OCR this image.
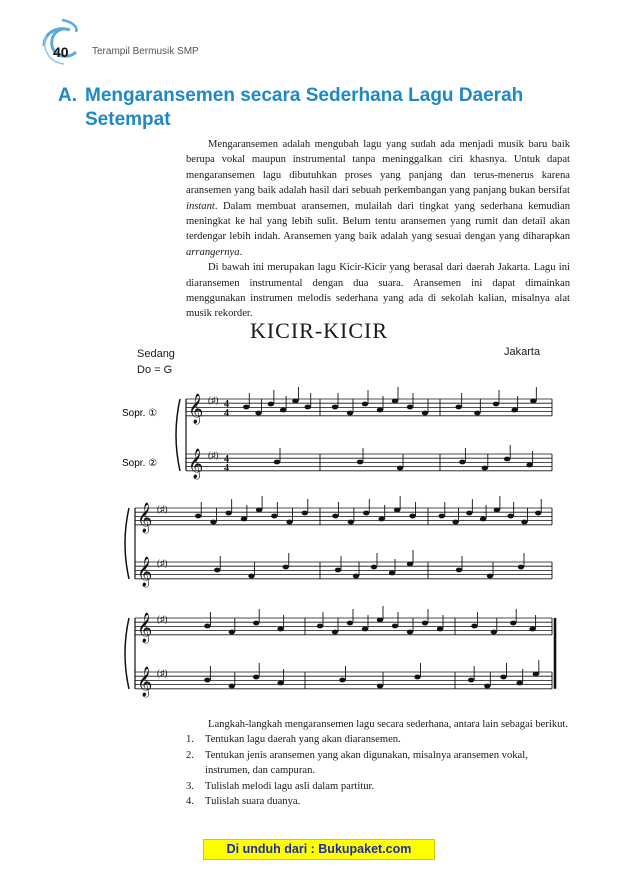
40 Terampil Bermusik SMP
A. Mengaransemen secara Sederhana Lagu Daerah
Setempat

Mengaransemen adalah mengubah lagu yang sudah ada menjadi musik baru baik berupa vokal maupun instrumental tanpa meninggalkan ciri khasnya. Untuk dapat mengaransemen lagu dibutuhkan proses yang panjang dan terus-menerus karena aransemen yang baik adalah hasil dari sebuah perkembangan yang panjang bukan bersifat instant. Dalam membuat aransemen, mulailah dari tingkat yang sederhana kemudian meningkat ke hal yang lebih sulit. Belum tentu aransemen yang rumit dan detail akan terdengar lebih indah. Aransemen yang baik adalah yang sesuai dengan yang diharapkan arrangernya.

Di bawah ini merupakan lagu Kicir-Kicir yang berasal dari daerah Jakarta. Lagu ini diaransemen instrumental dengan dua suara. Aransemen ini dapat dimainkan menggunakan instrumen melodis sederhana yang ada di sekolah kalian, misalnya alat musik rekorder.

KICIR-KICIR
Sedang
Do = G
Jakarta
𝄞 (♯)
𝄞 (♯)
4
4
4
4
𝄞 (♯)
𝄞 (♯)
𝄞 (♯)
𝄞 (♯)
Sopr. ①
Sopr. ②

Langkah-langkah mengaransemen lagu secara sederhana, antara lain sebagai berikut.

1. Tentukan lagu daerah yang akan diaransemen.
2. Tentukan jenis aransemen yang akan digunakan, misalnya aransemen vokal, instrumen, dan campuran.
3. Tulislah melodi lagu asli dalam partitur.
4. Tulislah suara duanya.
Di unduh dari : Bukupaket.com
